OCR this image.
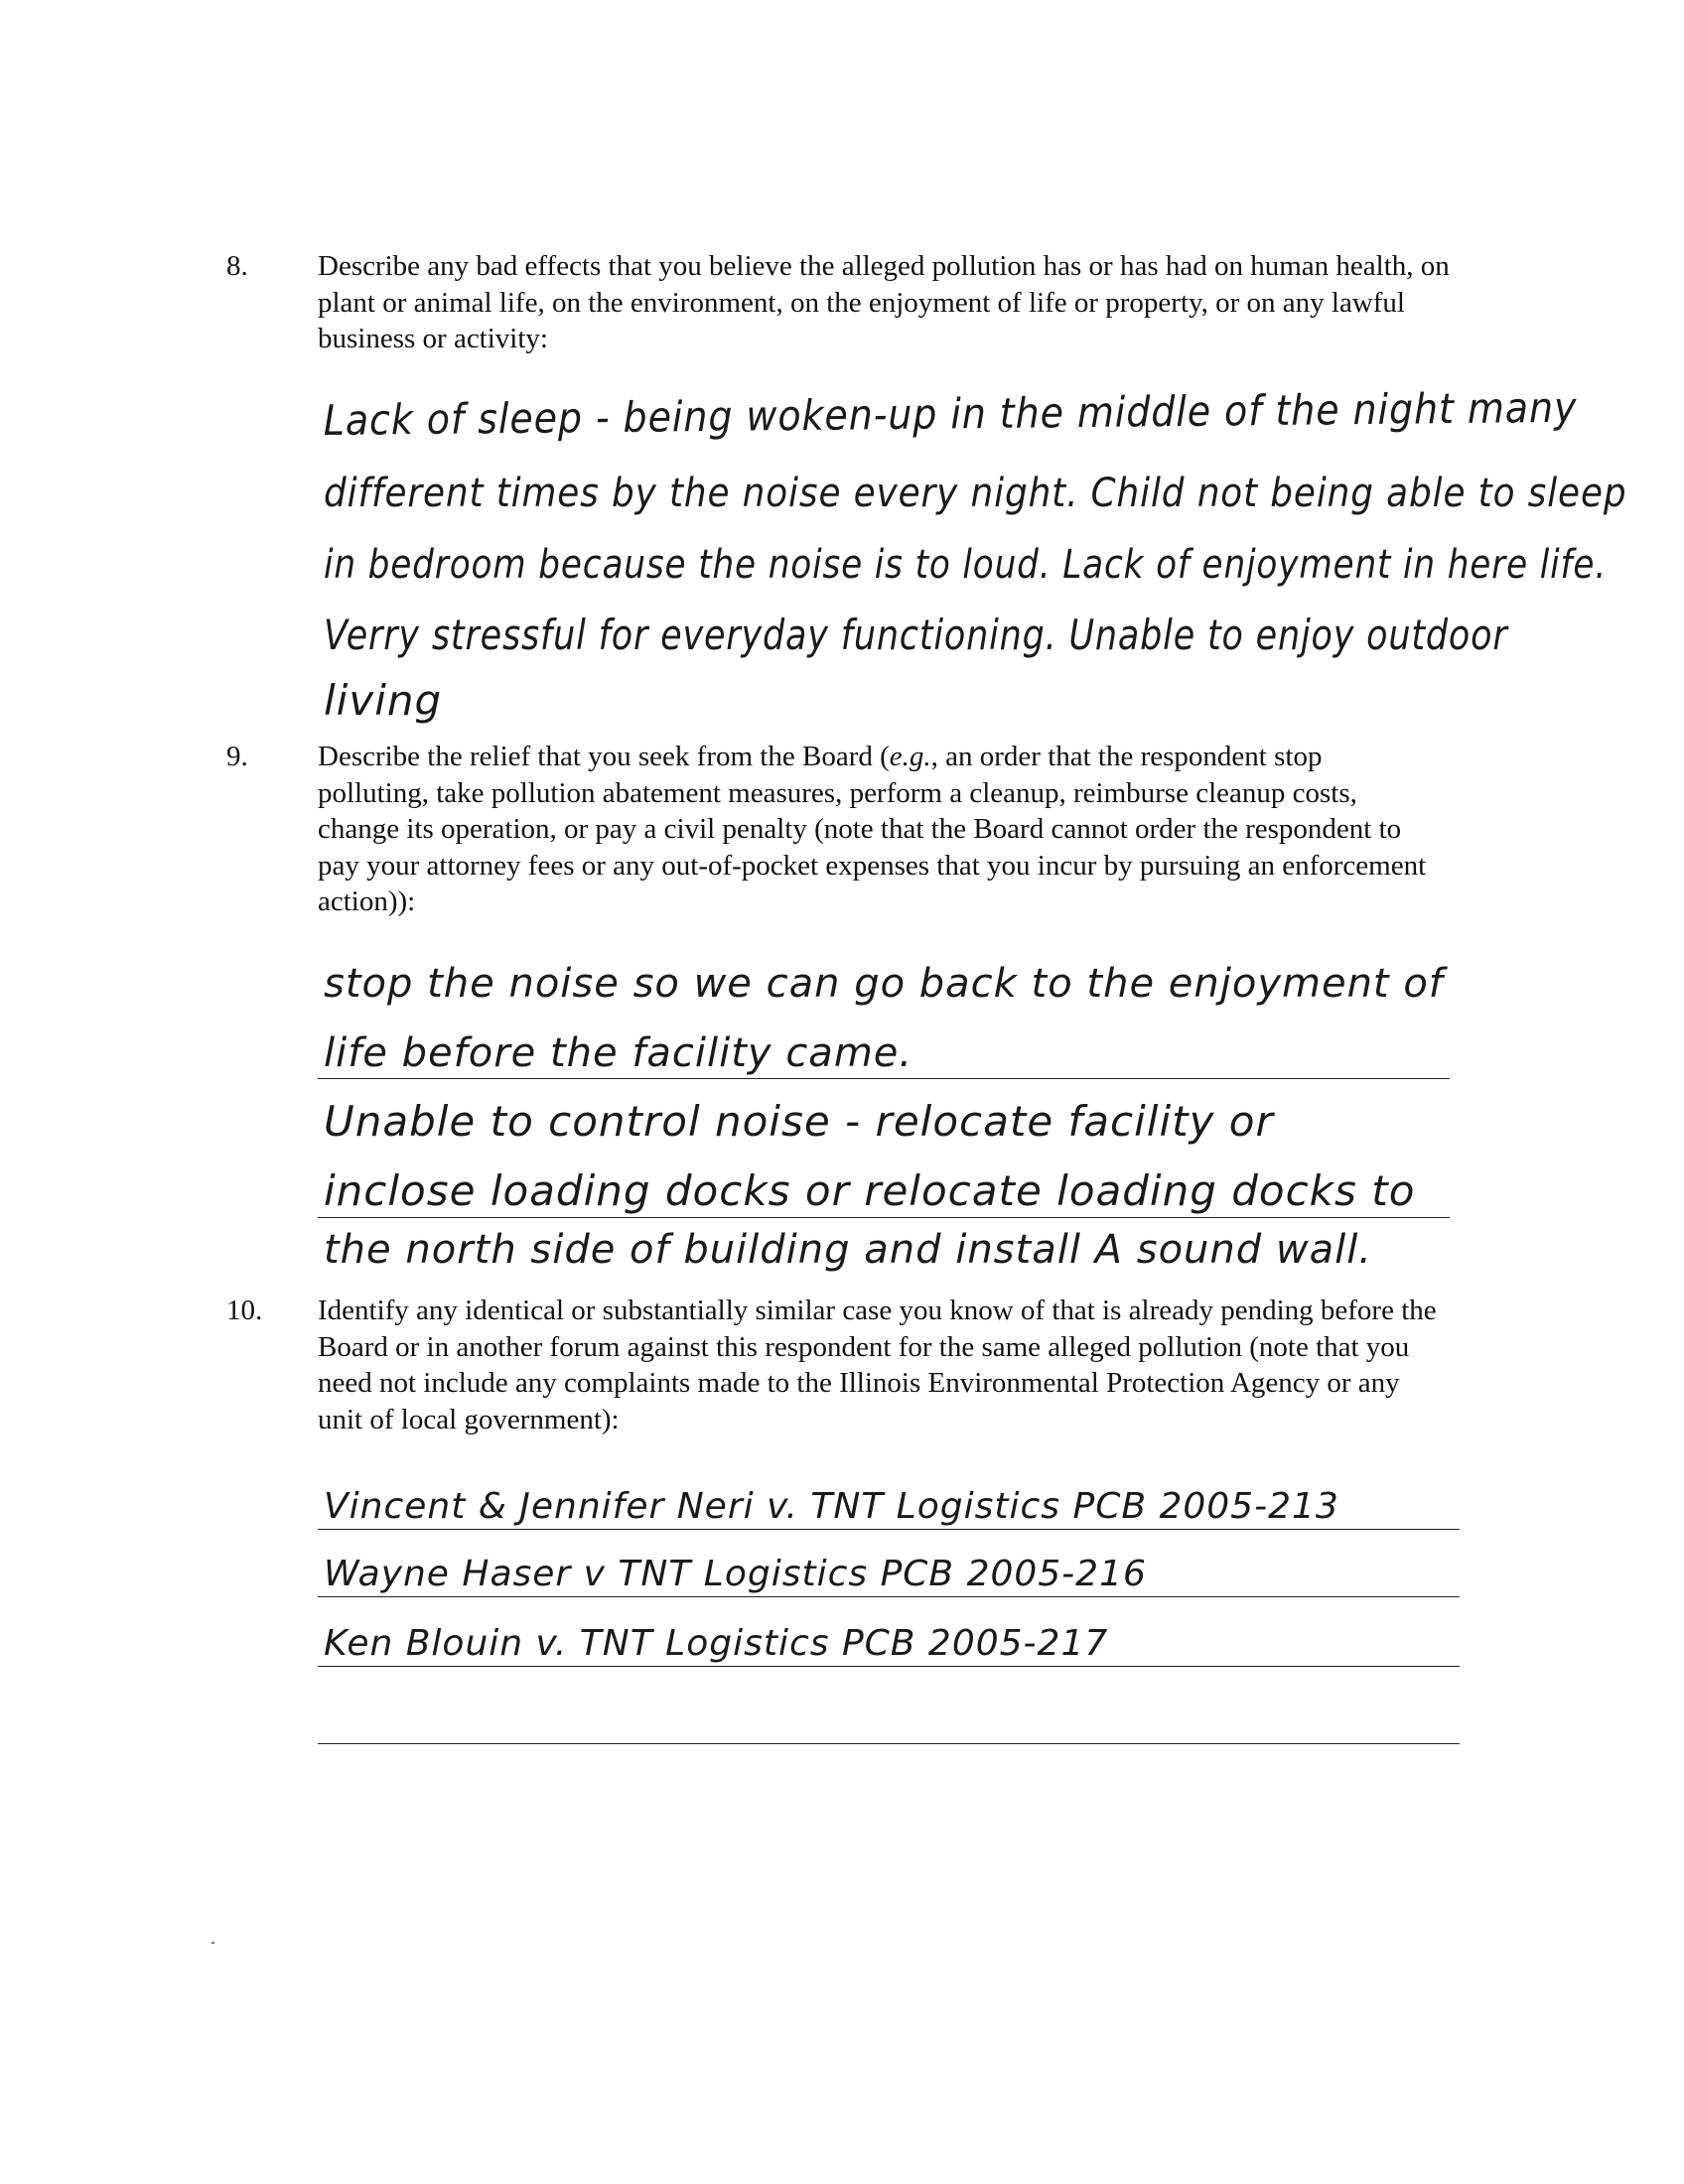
8. Describe any bad effects that you believe the alleged pollution has or has had on human health, on plant or animal life, on the environment, on the enjoyment of life or property, or on any lawful business or activity:
Lack of sleep - being woken-up in the middle of the night many
different times by the noise every night. Child not being able to sleep
in bedroom because the noise is to loud. Lack of enjoyment in here life.
Verry stressful for everyday functioning. Unable to enjoy outdoor
living
9. Describe the relief that you seek from the Board (e.g., an order that the respondent stop polluting, take pollution abatement measures, perform a cleanup, reimburse cleanup costs, change its operation, or pay a civil penalty (note that the Board cannot order the respondent to pay your attorney fees or any out-of-pocket expenses that you incur by pursuing an enforcement action)):
stop the noise so we can go back to the enjoyment of
life before the facility came.
Unable to control noise - relocate facility or
inclose loading docks or relocate loading docks to
the north side of building and install A sound wall.
10. Identify any identical or substantially similar case you know of that is already pending before the Board or in another forum against this respondent for the same alleged pollution (note that you need not include any complaints made to the Illinois Environmental Protection Agency or any unit of local government):
Vincent & Jennifer Neri v. TNT Logistics PCB 2005-213
Wayne Haser v TNT Logistics PCB 2005-216
Ken Blouin v. TNT Logistics PCB 2005-217
